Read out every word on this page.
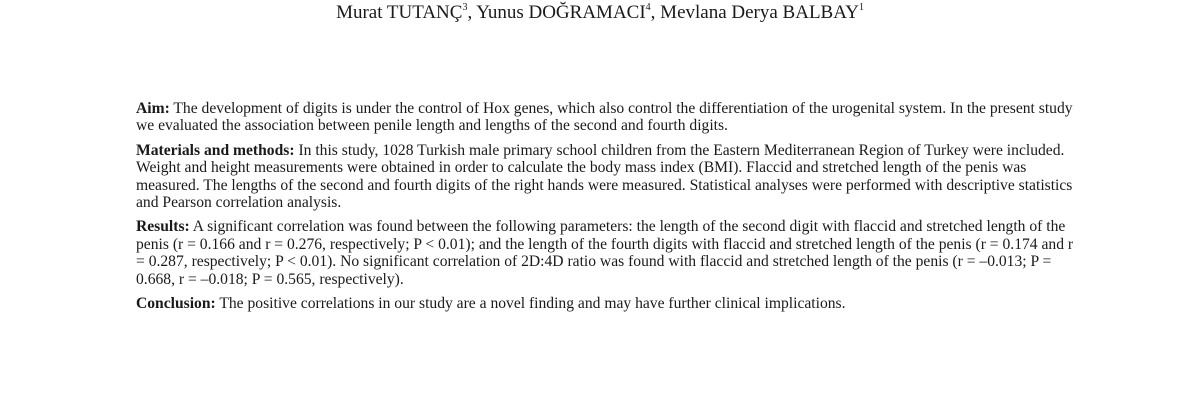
Murat TUTANÇ$^3$, Yunus DOĞRAMACI$^4$, Mevlana Derya BALBAY$^1$

Aim: The development of digits is under the control of Hox genes, which also control the differentiation of the urogenital system. In the present study we evaluated the association between penile length and lengths of the second and fourth digits.

Materials and methods: In this study, 1028 Turkish male primary school children from the Eastern Mediterranean Region of Turkey were included. Weight and height measurements were obtained in order to calculate the body mass index (BMI). Flaccid and stretched length of the penis was measured. The lengths of the second and fourth digits of the right hands were measured. Statistical analyses were performed with descriptive statistics and Pearson correlation analysis.

Results: A significant correlation was found between the following parameters: the length of the second digit with flaccid and stretched length of the penis (r = 0.166 and r = 0.276, respectively; P < 0.01); and the length of the fourth digits with flaccid and stretched length of the penis (r = 0.174 and r = 0.287, respectively; P < 0.01). No significant correlation of 2D:4D ratio was found with flaccid and stretched length of the penis (r = –0.013; P = 0.668, r = –0.018; P = 0.565, respectively).

Conclusion: The positive correlations in our study are a novel finding and may have further clinical implications.
